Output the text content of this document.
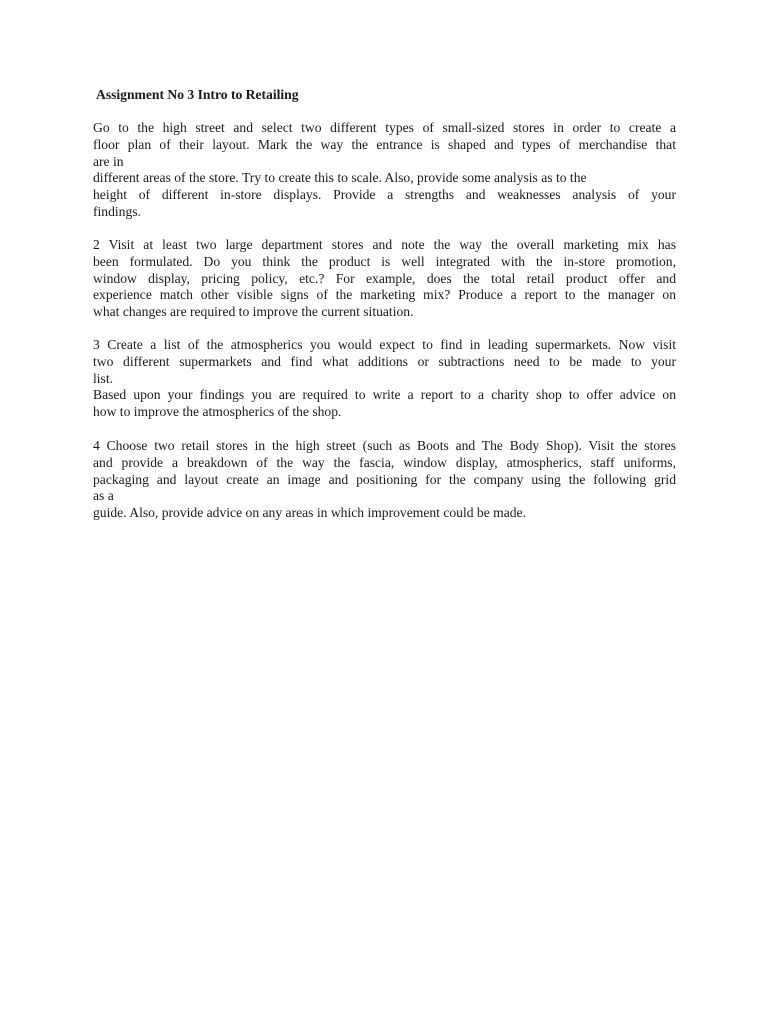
Assignment No 3 Intro to Retailing

Go to the high street and select two different types of small-sized stores in order to create a
floor plan of their layout. Mark the way the entrance is shaped and types of merchandise that
are in
different areas of the store. Try to create this to scale. Also, provide some analysis as to the
height of different in-store displays. Provide a strengths and weaknesses analysis of your
findings.

2 Visit at least two large department stores and note the way the overall marketing mix has
been formulated. Do you think the product is well integrated with the in-store promotion,
window display, pricing policy, etc.? For example, does the total retail product offer and
experience match other visible signs of the marketing mix? Produce a report to the manager on
what changes are required to improve the current situation.

3 Create a list of the atmospherics you would expect to find in leading supermarkets. Now visit
two different supermarkets and find what additions or subtractions need to be made to your
list.
Based upon your findings you are required to write a report to a charity shop to offer advice on
how to improve the atmospherics of the shop.

4 Choose two retail stores in the high street (such as Boots and The Body Shop). Visit the stores
and provide a breakdown of the way the fascia, window display, atmospherics, staff uniforms,
packaging and layout create an image and positioning for the company using the following grid
as a
guide. Also, provide advice on any areas in which improvement could be made.
